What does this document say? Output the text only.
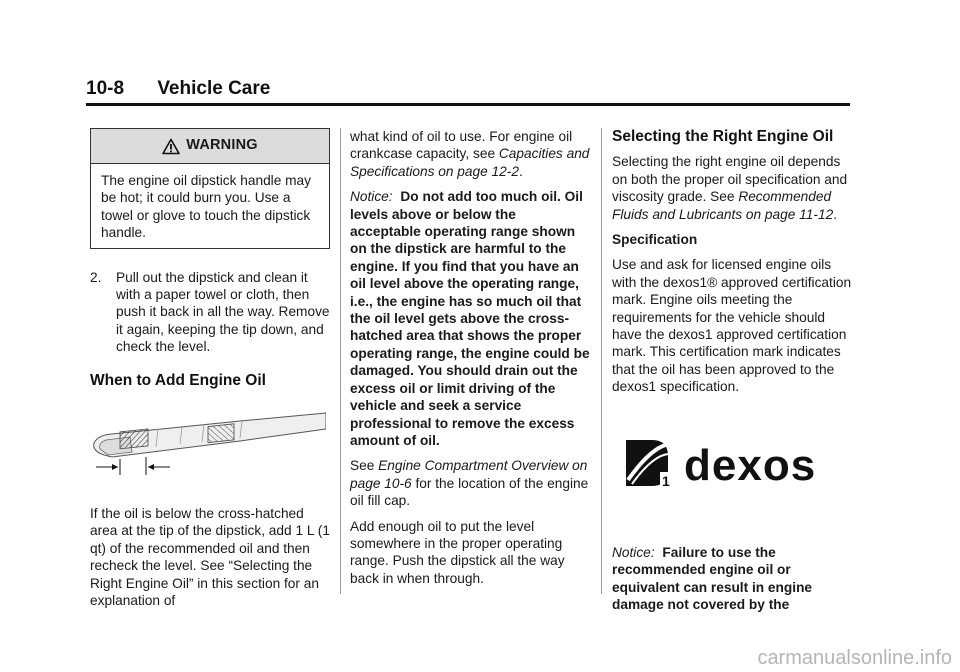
10-8 Vehicle Care
WARNING
The engine oil dipstick handle may be hot; it could burn you. Use a towel or glove to touch the dipstick handle.
2.	Pull out the dipstick and clean it with a paper towel or cloth, then push it back in all the way. Remove it again, keeping the tip down, and check the level.
When to Add Engine Oil

If the oil is below the cross-hatched area at the tip of the dipstick, add 1 L (1 qt) of the recommended oil and then recheck the level. See “Selecting the Right Engine Oil” in this section for an explanation of

what kind of oil to use. For engine oil crankcase capacity, see Capacities and Specifications on page 12-2.

Notice: Do not add too much oil. Oil levels above or below the acceptable operating range shown on the dipstick are harmful to the engine. If you find that you have an oil level above the operating range, i.e., the engine has so much oil that the oil level gets above the cross-hatched area that shows the proper operating range, the engine could be damaged. You should drain out the excess oil or limit driving of the vehicle and seek a service professional to remove the excess amount of oil.

See Engine Compartment Overview on page 10-6 for the location of the engine oil fill cap.

Add enough oil to put the level somewhere in the proper operating range. Push the dipstick all the way back in when through.

Selecting the Right Engine Oil

Selecting the right engine oil depends on both the proper oil specification and viscosity grade. See Recommended Fluids and Lubricants on page 11-12.

Specification

Use and ask for licensed engine oils with the dexos1® approved certification mark. Engine oils meeting the requirements for the vehicle should have the dexos1 approved certification mark. This certification mark indicates that the oil has been approved to the dexos1 specification.

1 dexos

Notice: Failure to use the recommended engine oil or equivalent can result in engine damage not covered by the

carmanualsonline.info
